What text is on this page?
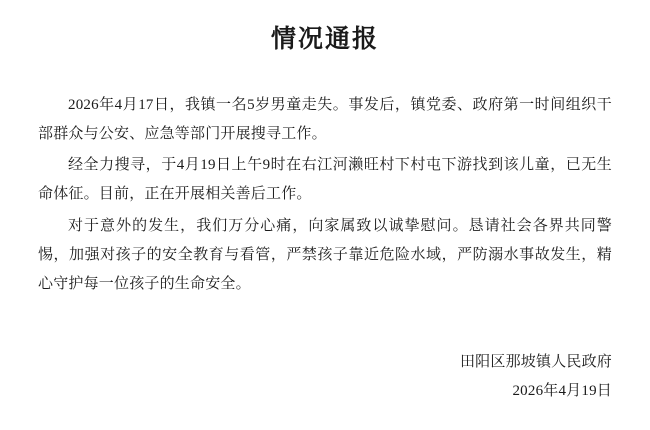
情况通报

2026年4月17日，我镇一名5岁男童走失。事发后，镇党委、政府第一时间组织干部群众与公安、应急等部门开展搜寻工作。

经全力搜寻，于4月19日上午9时在右江河濑旺村下村屯下游找到该儿童，已无生命体征。目前，正在开展相关善后工作。

对于意外的发生，我们万分心痛，向家属致以诚挚慰问。恳请社会各界共同警惕，加强对孩子的安全教育与看管，严禁孩子靠近危险水域，严防溺水事故发生，精心守护每一位孩子的生命安全。

田阳区那坡镇人民政府
2026年4月19日
